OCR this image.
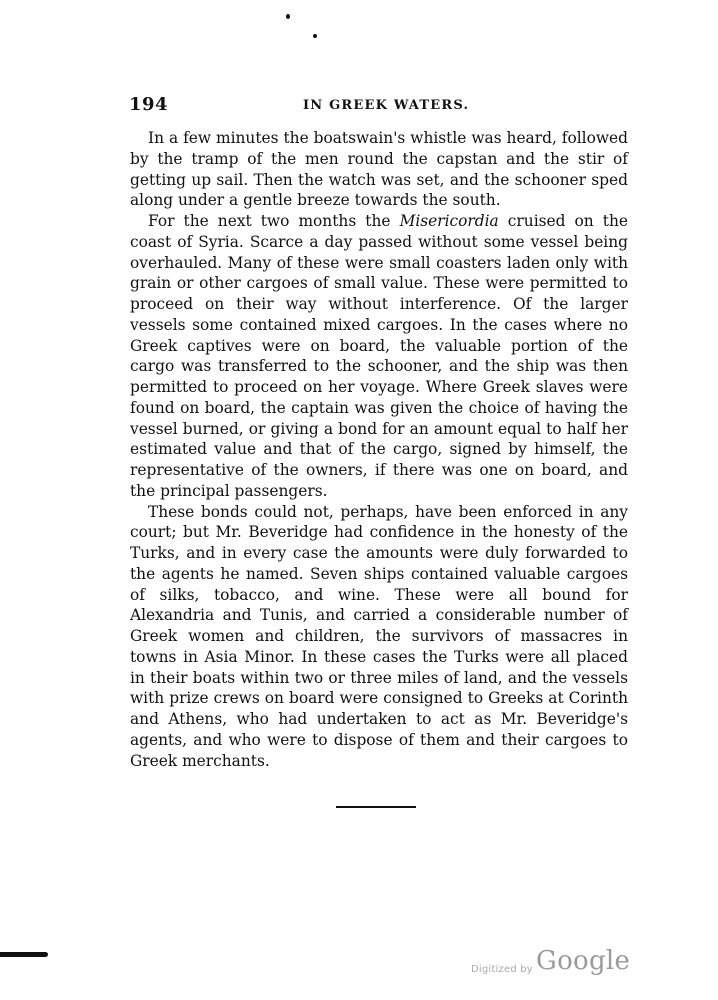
194	IN GREEK WATERS.

In a few minutes the boatswain's whistle was heard, followed by the tramp of the men round the capstan and the stir of getting up sail. Then the watch was set, and the schooner sped along under a gentle breeze towards the south.

For the next two months the Misericordia cruised on the coast of Syria. Scarce a day passed without some vessel being overhauled. Many of these were small coasters laden only with grain or other cargoes of small value. These were permitted to proceed on their way without interference. Of the larger vessels some contained mixed cargoes. In the cases where no Greek captives were on board, the valuable portion of the cargo was transferred to the schooner, and the ship was then permitted to proceed on her voyage. Where Greek slaves were found on board, the captain was given the choice of having the vessel burned, or giving a bond for an amount equal to half her estimated value and that of the cargo, signed by himself, the representative of the owners, if there was one on board, and the principal passengers.

These bonds could not, perhaps, have been enforced in any court; but Mr. Beveridge had confidence in the honesty of the Turks, and in every case the amounts were duly forwarded to the agents he named. Seven ships contained valuable cargoes of silks, tobacco, and wine. These were all bound for Alexandria and Tunis, and carried a considerable number of Greek women and children, the survivors of massacres in towns in Asia Minor. In these cases the Turks were all placed in their boats within two or three miles of land, and the vessels with prize crews on board were consigned to Greeks at Corinth and Athens, who had undertaken to act as Mr. Beveridge's agents, and who were to dispose of them and their cargoes to Greek merchants.

Digitized by Google
